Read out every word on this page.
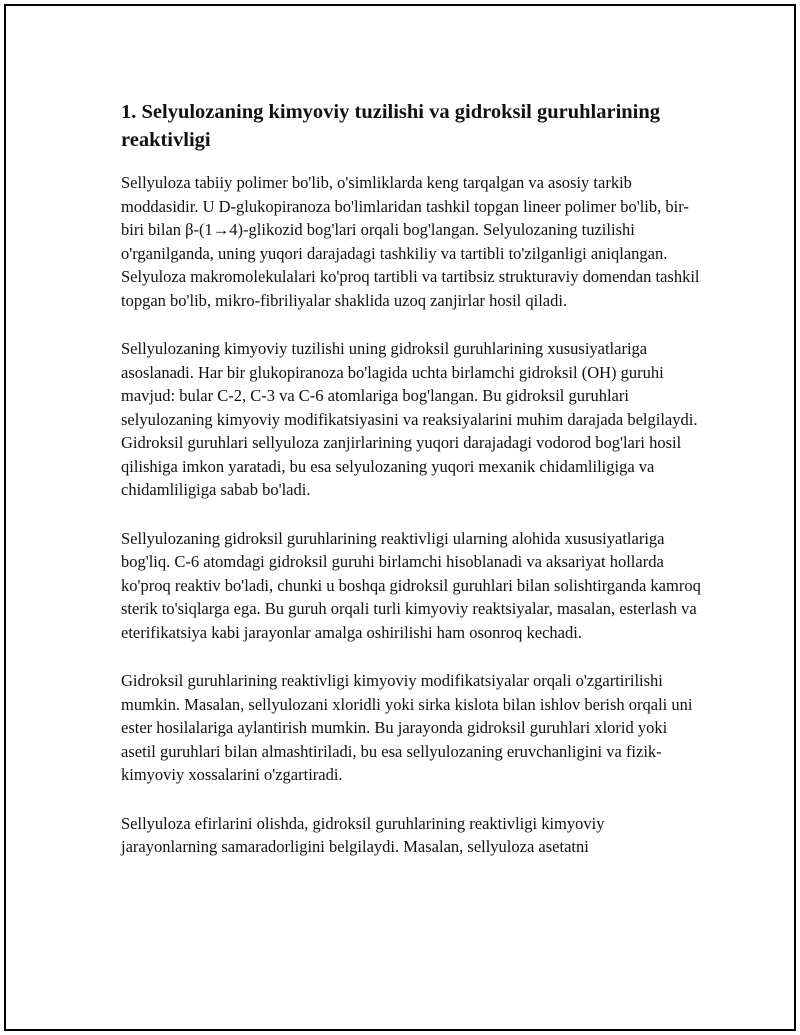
1. Selyulozaning kimyoviy tuzilishi va gidroksil guruhlarining reaktivligi

Sellyuloza tabiiy polimer bo'lib, o'simliklarda keng tarqalgan va asosiy tarkib moddasidir. U D-glukopiranoza bo'limlaridan tashkil topgan lineer polimer bo'lib, bir-biri bilan β-(1→4)-glikozid bog'lari orqali bog'langan. Selyulozaning tuzilishi o'rganilganda, uning yuqori darajadagi tashkiliy va tartibli to'zilganligi aniqlangan. Selyuloza makromolekulalari ko'proq tartibli va tartibsiz strukturaviy domendan tashkil topgan bo'lib, mikro-fibriliyalar shaklida uzoq zanjirlar hosil qiladi.

Sellyulozaning kimyoviy tuzilishi uning gidroksil guruhlarining xususiyatlariga asoslanadi. Har bir glukopiranoza bo'lagida uchta birlamchi gidroksil (OH) guruhi mavjud: bular C-2, C-3 va C-6 atomlariga bog'langan. Bu gidroksil guruhlari selyulozaning kimyoviy modifikatsiyasini va reaksiyalarini muhim darajada belgilaydi. Gidroksil guruhlari sellyuloza zanjirlarining yuqori darajadagi vodorod bog'lari hosil qilishiga imkon yaratadi, bu esa selyulozaning yuqori mexanik chidamliligiga va chidamliligiga sabab bo'ladi.

Sellyulozaning gidroksil guruhlarining reaktivligi ularning alohida xususiyatlariga bog'liq. C-6 atomdagi gidroksil guruhi birlamchi hisoblanadi va aksariyat hollarda ko'proq reaktiv bo'ladi, chunki u boshqa gidroksil guruhlari bilan solishtirganda kamroq sterik to'siqlarga ega. Bu guruh orqali turli kimyoviy reaktsiyalar, masalan, esterlash va eterifikatsiya kabi jarayonlar amalga oshirilishi ham osonroq kechadi.

Gidroksil guruhlarining reaktivligi kimyoviy modifikatsiyalar orqali o'zgartirilishi mumkin. Masalan, sellyulozani xloridli yoki sirka kislota bilan ishlov berish orqali uni ester hosilalariga aylantirish mumkin. Bu jarayonda gidroksil guruhlari xlorid yoki asetil guruhlari bilan almashtiriladi, bu esa sellyulozaning eruvchanligini va fizik-kimyoviy xossalarini o'zgartiradi.

Sellyuloza efirlarini olishda, gidroksil guruhlarining reaktivligi kimyoviy jarayonlarning samaradorligini belgilaydi. Masalan, sellyuloza asetatni
